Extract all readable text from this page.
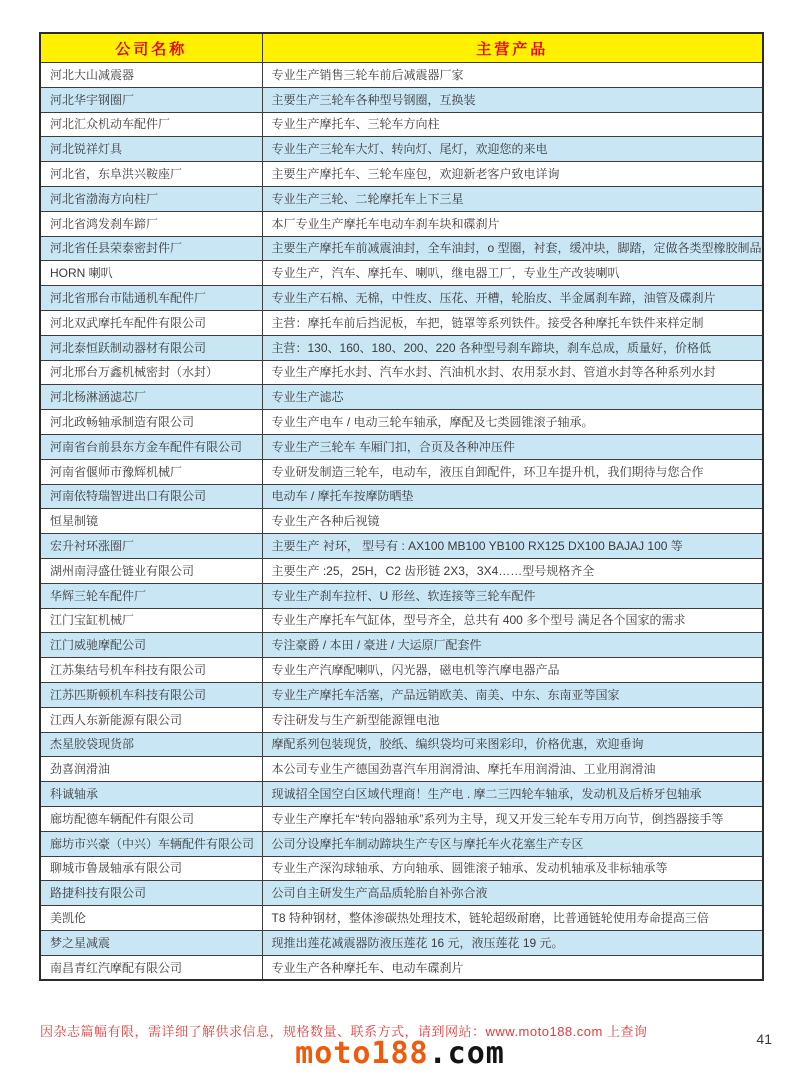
公司名称	主营产品
河北大山减震器	专业生产销售三轮车前后减震器厂家
河北华宇钢圈厂	主要生产三轮车各种型号钢圈，互换装
河北汇众机动车配件厂	专业生产摩托车、三轮车方向柱
河北锐祥灯具	专业生产三轮车大灯、转向灯、尾灯，欢迎您的来电
河北省，东阜洪兴鞍座厂	主要生产摩托车、三轮车座包，欢迎新老客户致电详询
河北省渤海方向柱厂	专业生产三轮、二轮摩托车上下三星
河北省鸿发刹车蹄厂	本厂专业生产摩托车电动车刹车块和碟刹片
河北省任县荣泰密封件厂	主要生产摩托车前减震油封，全车油封，o 型圈，衬套，缓冲块，脚踏，定做各类型橡胶制品
HORN 喇叭	专业生产，汽车、摩托车、喇叭，继电器工厂，专业生产改装喇叭
河北省邢台市陆通机车配件厂	专业生产石棉、无棉，中性皮、压花、开槽，轮胎皮、半金属刹车蹄，油管及碟刹片
河北双武摩托车配件有限公司	主营：摩托车前后挡泥板，车把，链罩等系列铁件。接受各种摩托车铁件来样定制
河北泰恒跃制动器材有限公司	主营：130、160、180、200、220 各种型号刹车蹄块，刹车总成，质量好，价格低
河北邢台万鑫机械密封（水封）	专业生产摩托水封、汽车水封、汽油机水封、农用泵水封、管道水封等各种系列水封
河北杨淋涵滤芯厂	专业生产滤芯
河北政畅轴承制造有限公司	专业生产电车 / 电动三轮车轴承，摩配及七类圆锥滚子轴承。
河南省台前县东方金车配件有限公司	专业生产三轮车 车厢门扣，合页及各种冲压件
河南省偃师市豫辉机械厂	专业研发制造三轮车，电动车，液压自卸配件，环卫车提升机，我们期待与您合作
河南依特瑞智进出口有限公司	电动车 / 摩托车按摩防晒垫
恒星制镜	专业生产各种后视镜
宏升衬环涨圈厂	主要生产 衬环， 型号有 : AX100 MB100 YB100 RX125 DX100 BAJAJ 100 等
湖州南浔盛仕链业有限公司	主要生产 :25，25H，C2 齿形链 2X3，3X4……型号规格齐全
华辉三轮车配件厂	专业生产刹车拉杆、U 形丝、软连接等三轮车配件
江门宝缸机械厂	专业生产摩托车气缸体，型号齐全，总共有 400 多个型号 满足各个国家的需求
江门威驰摩配公司	专注豪爵 / 本田 / 豪进 / 大运原厂配套件
江苏集结号机车科技有限公司	专业生产汽摩配喇叭，闪光器，磁电机等汽摩电器产品
江苏匹斯顿机车科技有限公司	专业生产摩托车活塞，产品远销欧美、南美、中东、东南亚等国家
江西人东新能源有限公司	专注研发与生产新型能源锂电池
杰星胶袋现货部	摩配系列包装现货，胶纸、编织袋均可来图彩印，价格优惠，欢迎垂询
劲喜润滑油	本公司专业生产德国劲喜汽车用润滑油、摩托车用润滑油、工业用润滑油
科诚轴承	现诚招全国空白区域代理商！生产电 . 摩二三四轮车轴承，发动机及后桥牙包轴承
廊坊配德车辆配件有限公司	专业生产摩托车“转向器轴承”系列为主导，现又开发三轮车专用万向节，倒挡器接手等
廊坊市兴豪（中兴）车辆配件有限公司	公司分设摩托车制动蹄块生产专区与摩托车火花塞生产专区
聊城市鲁晟轴承有限公司	专业生产深沟球轴承、方向轴承、圆锥滚子轴承、发动机轴承及非标轴承等
路捷科技有限公司	公司自主研发生产高品质轮胎自补弥合液
美凯伦	T8 特种钢材，整体渗碳热处理技术，链轮超级耐磨，比普通链轮使用寿命提高三倍
梦之星减震	现推出莲花减震器防液压莲花 16 元，液压莲花 19 元。
南昌青红汽摩配有限公司	专业生产各种摩托车、电动车碟刹片
因杂志篇幅有限，需详细了解供求信息，规格数量、联系方式，请到网站：www.moto188.com 上查询	41
moto188.com
